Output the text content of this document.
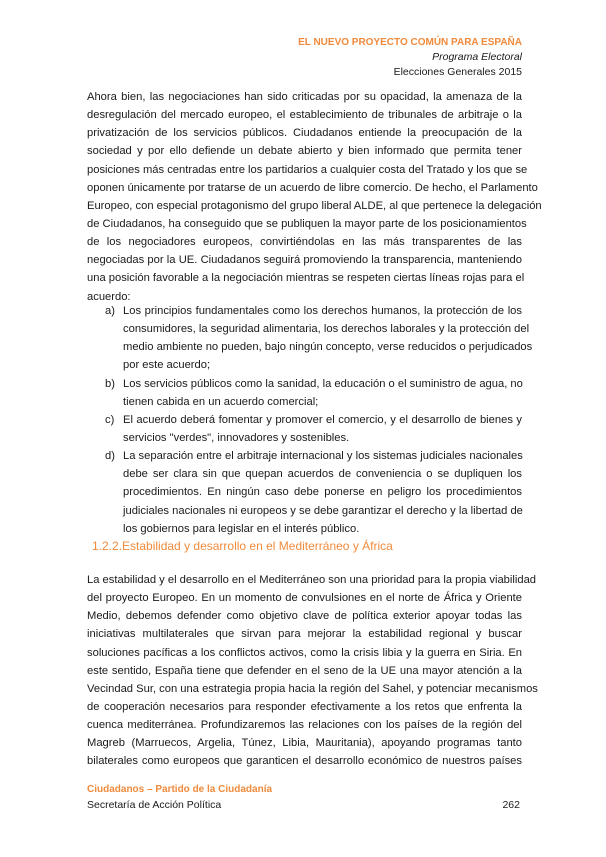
EL NUEVO PROYECTO COMÚN PARA ESPAÑA
Programa Electoral
Elecciones Generales 2015
Ahora bien, las negociaciones han sido criticadas por su opacidad, la amenaza de la
desregulación del mercado europeo, el establecimiento de tribunales de arbitraje o la
privatización de los servicios públicos. Ciudadanos entiende la preocupación de la
sociedad y por ello defiende un debate abierto y bien informado que permita tener
posiciones más centradas entre los partidarios a cualquier costa del Tratado y los que se
oponen únicamente por tratarse de un acuerdo de libre comercio. De hecho, el Parlamento
Europeo, con especial protagonismo del grupo liberal ALDE, al que pertenece la delegación
de Ciudadanos, ha conseguido que se publiquen la mayor parte de los posicionamientos
de los negociadores europeos, convirtiéndolas en las más transparentes de las
negociadas por la UE. Ciudadanos seguirá promoviendo la transparencia, manteniendo
una posición favorable a la negociación mientras se respeten ciertas líneas rojas para el
acuerdo:
a) Los principios fundamentales como los derechos humanos, la protección de los
consumidores, la seguridad alimentaria, los derechos laborales y la protección del
medio ambiente no pueden, bajo ningún concepto, verse reducidos o perjudicados
por este acuerdo;
b) Los servicios públicos como la sanidad, la educación o el suministro de agua, no
tienen cabida en un acuerdo comercial;
c) El acuerdo deberá fomentar y promover el comercio, y el desarrollo de bienes y
servicios "verdes", innovadores y sostenibles.
d) La separación entre el arbitraje internacional y los sistemas judiciales nacionales
debe ser clara sin que quepan acuerdos de conveniencia o se dupliquen los
procedimientos. En ningún caso debe ponerse en peligro los procedimientos
judiciales nacionales ni europeos y se debe garantizar el derecho y la libertad de
los gobiernos para legislar en el interés público.
1.2.2.Estabilidad y desarrollo en el Mediterráneo y África
La estabilidad y el desarrollo en el Mediterráneo son una prioridad para la propia viabilidad
del proyecto Europeo. En un momento de convulsiones en el norte de África y Oriente
Medio, debemos defender como objetivo clave de política exterior apoyar todas las
iniciativas multilaterales que sirvan para mejorar la estabilidad regional y buscar
soluciones pacíficas a los conflictos activos, como la crisis libia y la guerra en Siria. En
este sentido, España tiene que defender en el seno de la UE una mayor atención a la
Vecindad Sur, con una estrategia propia hacia la región del Sahel, y potenciar mecanismos
de cooperación necesarios para responder efectivamente a los retos que enfrenta la
cuenca mediterránea. Profundizaremos las relaciones con los países de la región del
Magreb (Marruecos, Argelia, Túnez, Libia, Mauritania), apoyando programas tanto
bilaterales como europeos que garanticen el desarrollo económico de nuestros países
Ciudadanos – Partido de la Ciudadanía
Secretaría de Acción Política	262
